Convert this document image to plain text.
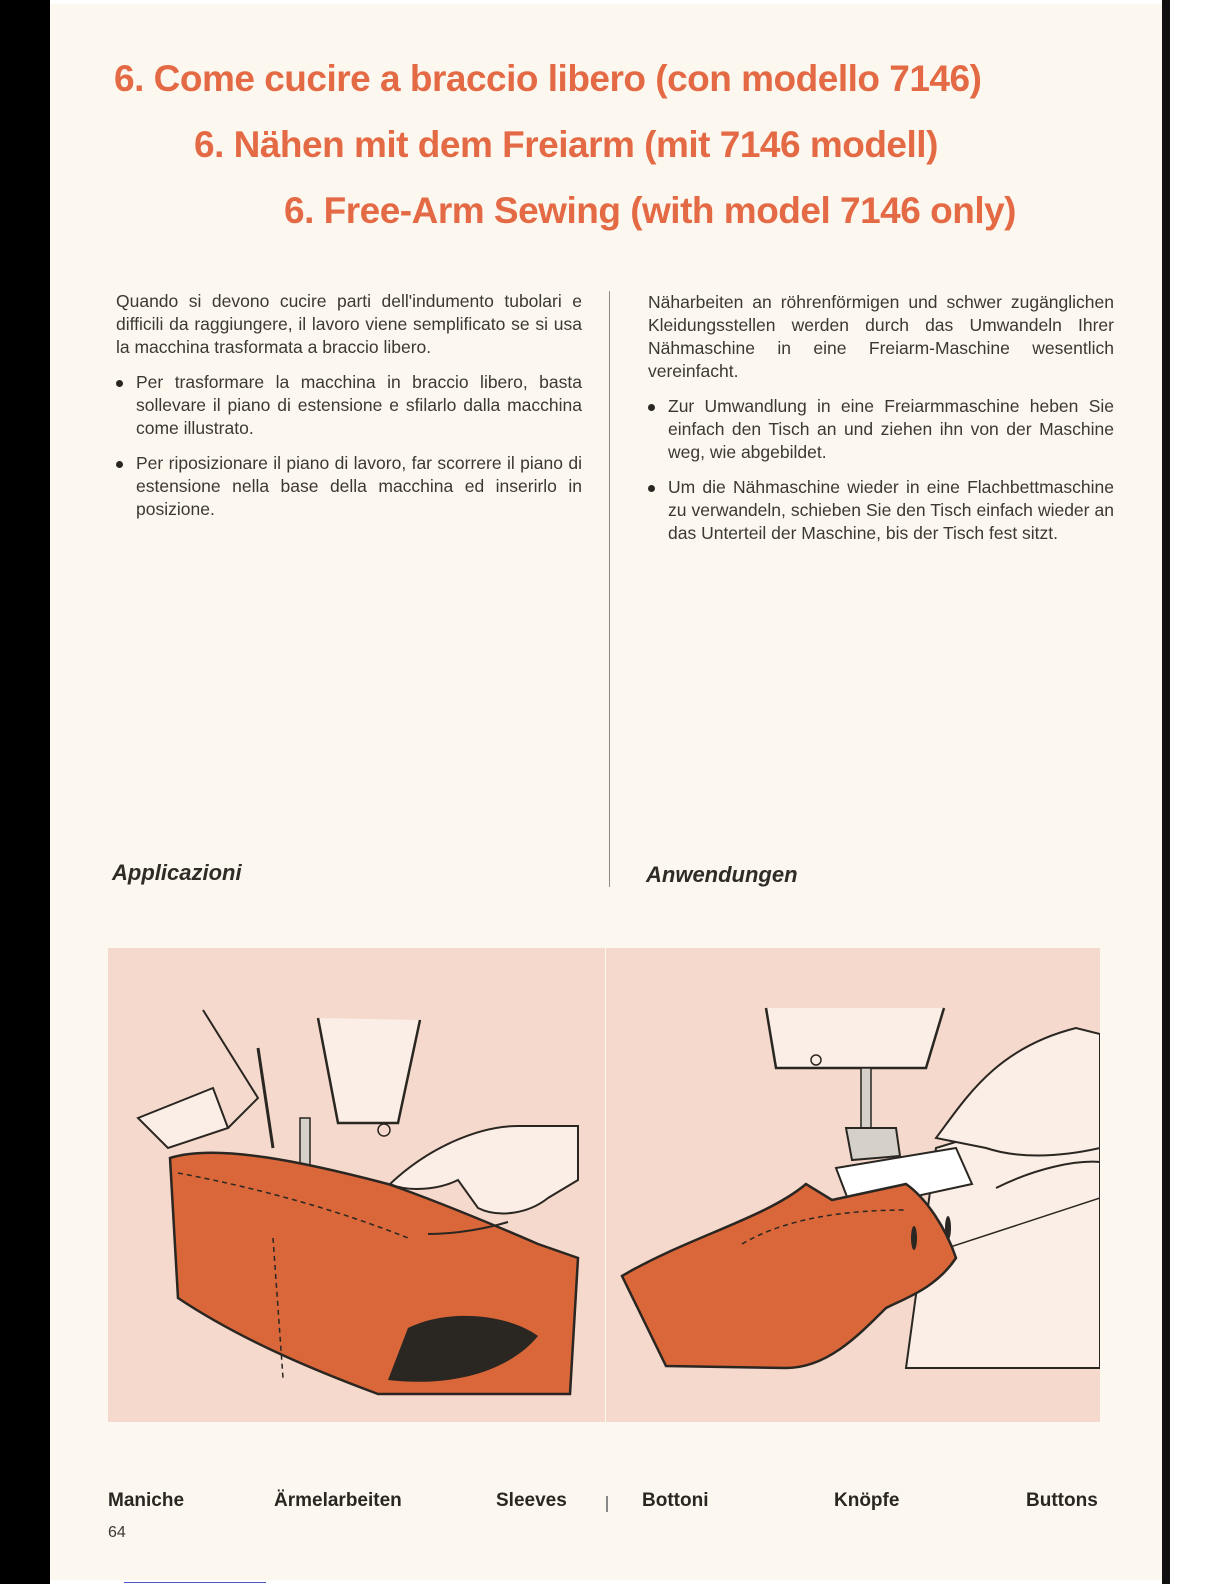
6. Come cucire a braccio libero (con modello 7146)
6. Nähen mit dem Freiarm (mit 7146 modell)
6. Free-Arm Sewing (with model 7146 only)

Quando si devono cucire parti dell'indumento tubolari e difficili da raggiungere, il lavoro viene semplificato se si usa la macchina trasformata a braccio libero.

Per trasformare la macchina in braccio libero, basta sollevare il piano di estensione e sfilarlo dalla macchina come illustrato.
Per riposizionare il piano di lavoro, far scorrere il piano di estensione nella base della macchina ed inserirlo in posizione.

Näharbeiten an röhrenförmigen und schwer zugänglichen Kleidungsstellen werden durch das Umwandeln Ihrer Nähmaschine in eine Freiarm-Maschine wesentlich vereinfacht.

Zur Umwandlung in eine Freiarmmaschine heben Sie einfach den Tisch an und ziehen ihn von der Maschine weg, wie abgebildet.
Um die Nähmaschine wieder in eine Flachbettmaschine zu verwandeln, schieben Sie den Tisch einfach wieder an das Unterteil der Maschine, bis der Tisch fest sitzt.
Applicazioni	Anwendungen

Maniche	Ärmelarbeiten	Sleeves	Bottoni	Knöpfe	Buttons

64
